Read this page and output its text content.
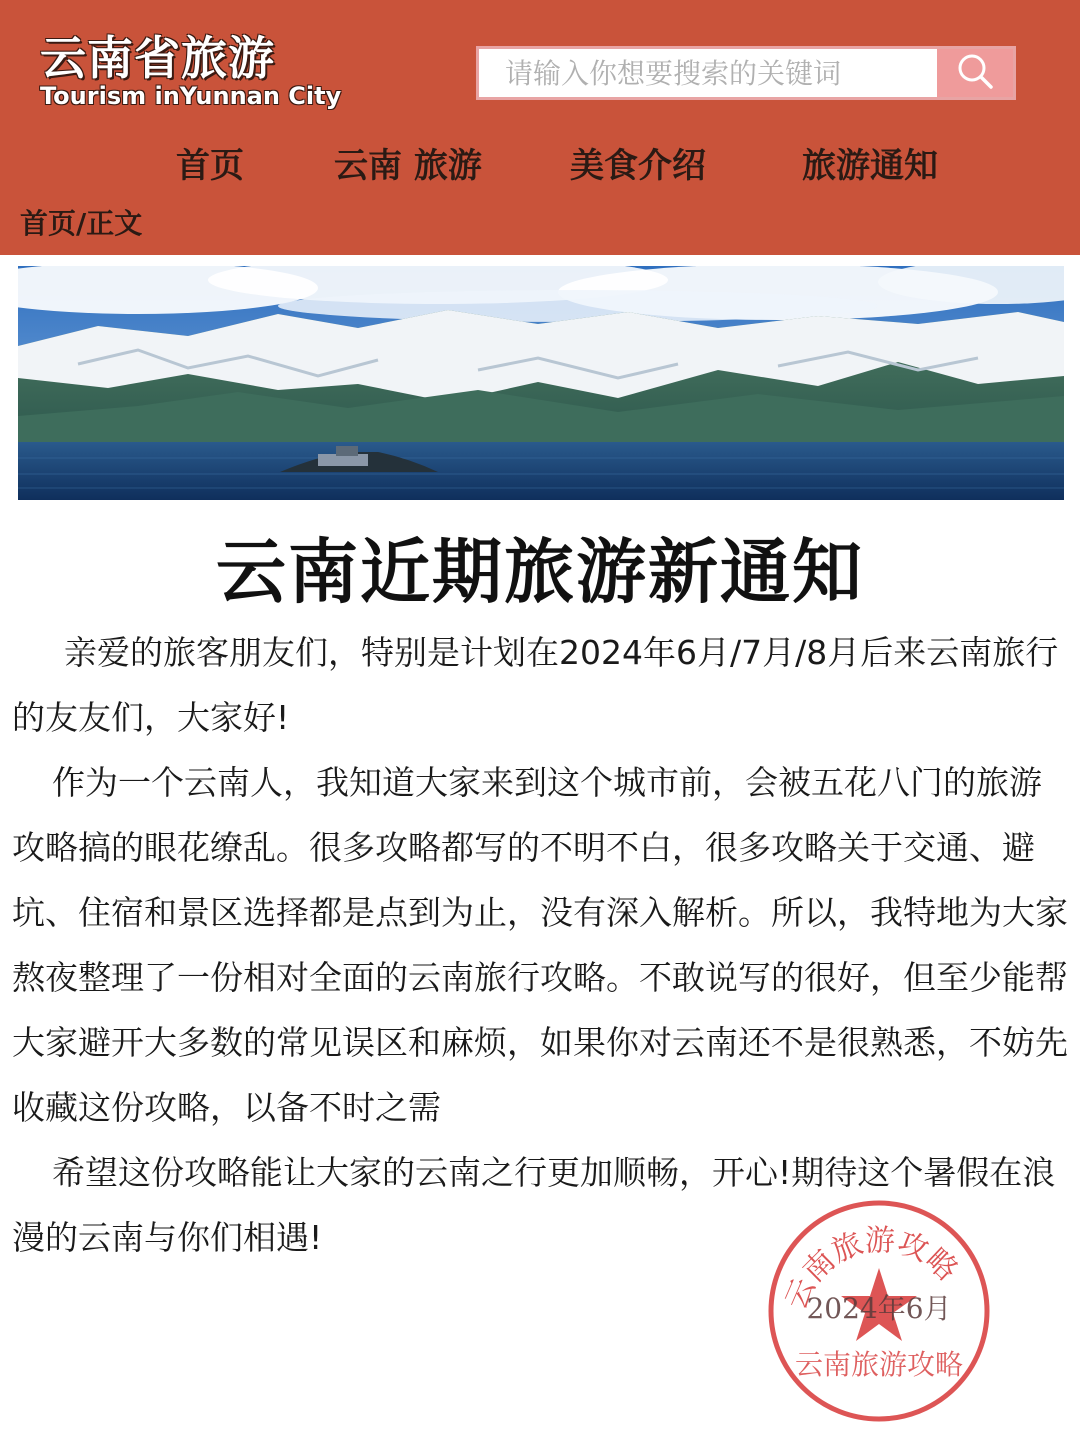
云南省旅游
Tourism inYunnan City
请输入你想要搜索的关键词
首页	云南 旅游	美食介绍	旅游通知
首页/正文
云南近期旅游新通知

亲爱的旅客朋友们，特别是计划在2024年6月/7月/8月后来云南旅行的友友们，大家好!

作为一个云南人，我知道大家来到这个城市前，会被五花八门的旅游攻略搞的眼花缭乱。很多攻略都写的不明不白，很多攻略关于交通、避坑、住宿和景区选择都是点到为止，没有深入解析。所以，我特地为大家熬夜整理了一份相对全面的云南旅行攻略。不敢说写的很好，但至少能帮大家避开大多数的常见误区和麻烦，如果你对云南还不是很熟悉，不妨先收藏这份攻略，以备不时之需

希望这份攻略能让大家的云南之行更加顺畅，开心!期待这个暑假在浪漫的云南与你们相遇!

云南旅游攻略
2024年6月
云南旅游攻略
